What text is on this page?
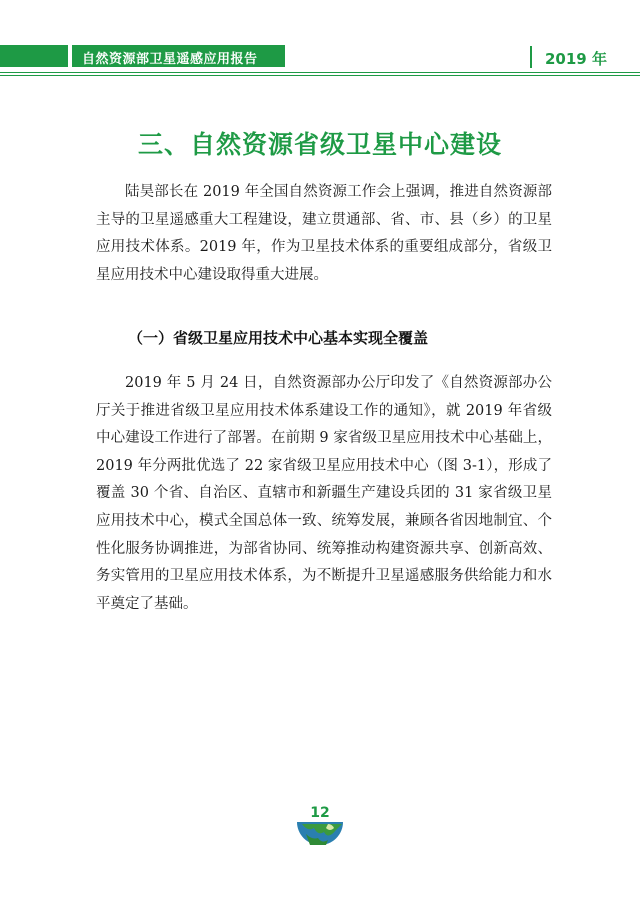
自然资源部卫星遥感应用报告	2019 年
三、自然资源省级卫星中心建设

陆昊部长在 2019 年全国自然资源工作会上强调，推进自然资源部主导的卫星遥感重大工程建设，建立贯通部、省、市、县（乡）的卫星应用技术体系。2019 年，作为卫星技术体系的重要组成部分，省级卫星应用技术中心建设取得重大进展。

（一）省级卫星应用技术中心基本实现全覆盖

2019 年 5 月 24 日，自然资源部办公厅印发了《自然资源部办公厅关于推进省级卫星应用技术体系建设工作的通知》，就 2019 年省级中心建设工作进行了部署。在前期 9 家省级卫星应用技术中心基础上，2019 年分两批优选了 22 家省级卫星应用技术中心（图 3-1），形成了覆盖 30 个省、自治区、直辖市和新疆生产建设兵团的 31 家省级卫星应用技术中心，模式全国总体一致、统筹发展，兼顾各省因地制宜、个性化服务协调推进，为部省协同、统筹推动构建资源共享、创新高效、务实管用的卫星应用技术体系，为不断提升卫星遥感服务供给能力和水平奠定了基础。

12
